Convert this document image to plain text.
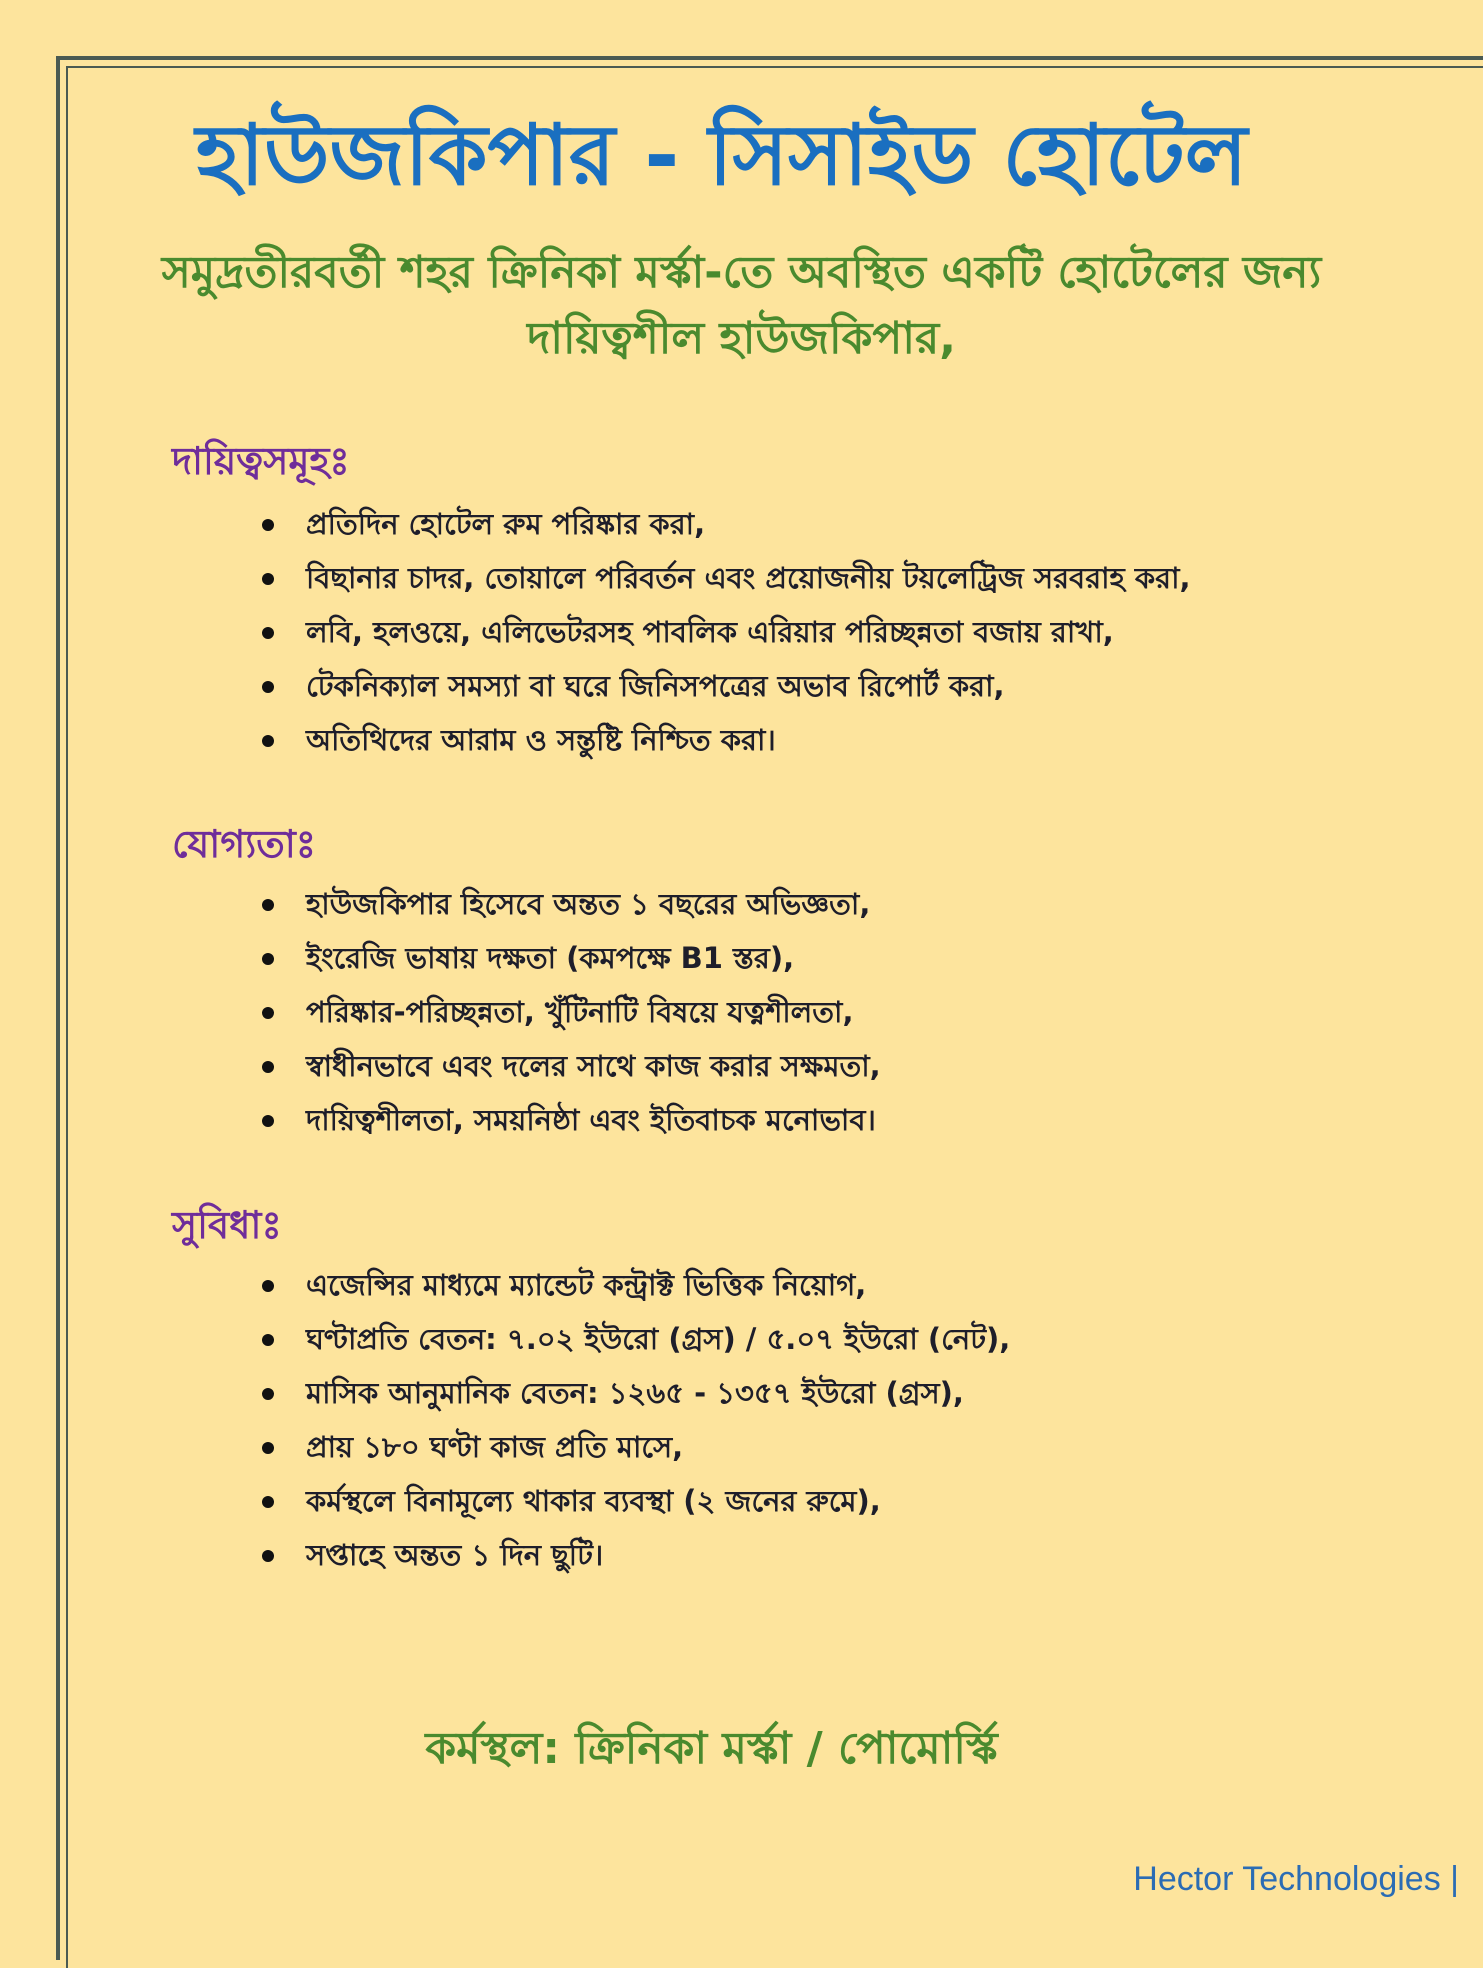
হাউজকিপার - সিসাইড হোটেল
সমুদ্রতীরবর্তী শহর ক্রিনিকা মর্স্কা-তে অবস্থিত একটি হোটেলের জন্য দায়িত্বশীল হাউজকিপার,
দায়িত্বসমূহঃ
প্রতিদিন হোটেল রুম পরিষ্কার করা,
বিছানার চাদর, তোয়ালে পরিবর্তন এবং প্রয়োজনীয় টয়লেট্রিজ সরবরাহ করা,
লবি, হলওয়ে, এলিভেটরসহ পাবলিক এরিয়ার পরিচ্ছন্নতা বজায় রাখা,
টেকনিক্যাল সমস্যা বা ঘরে জিনিসপত্রের অভাব রিপোর্ট করা,
অতিথিদের আরাম ও সন্তুষ্টি নিশ্চিত করা।
যোগ্যতাঃ
হাউজকিপার হিসেবে অন্তত ১ বছরের অভিজ্ঞতা,
ইংরেজি ভাষায় দক্ষতা (কমপক্ষে B1 স্তর),
পরিষ্কার-পরিচ্ছন্নতা, খুঁটিনাটি বিষয়ে যত্নশীলতা,
স্বাধীনভাবে এবং দলের সাথে কাজ করার সক্ষমতা,
দায়িত্বশীলতা, সময়নিষ্ঠা এবং ইতিবাচক মনোভাব।
সুবিধাঃ
এজেন্সির মাধ্যমে ম্যান্ডেট কন্ট্রাক্ট ভিত্তিক নিয়োগ,
ঘণ্টাপ্রতি বেতন: ৭.০২ ইউরো (গ্রস) / ৫.০৭ ইউরো (নেট),
মাসিক আনুমানিক বেতন: ১২৬৫ - ১৩৫৭ ইউরো (গ্রস),
প্রায় ১৮০ ঘণ্টা কাজ প্রতি মাসে,
কর্মস্থলে বিনামূল্যে থাকার ব্যবস্থা (২ জনের রুমে),
সপ্তাহে অন্তত ১ দিন ছুটি।
কর্মস্থল: ক্রিনিকা মর্স্কা / পোমোর্স্কি
Hector Technologies |
